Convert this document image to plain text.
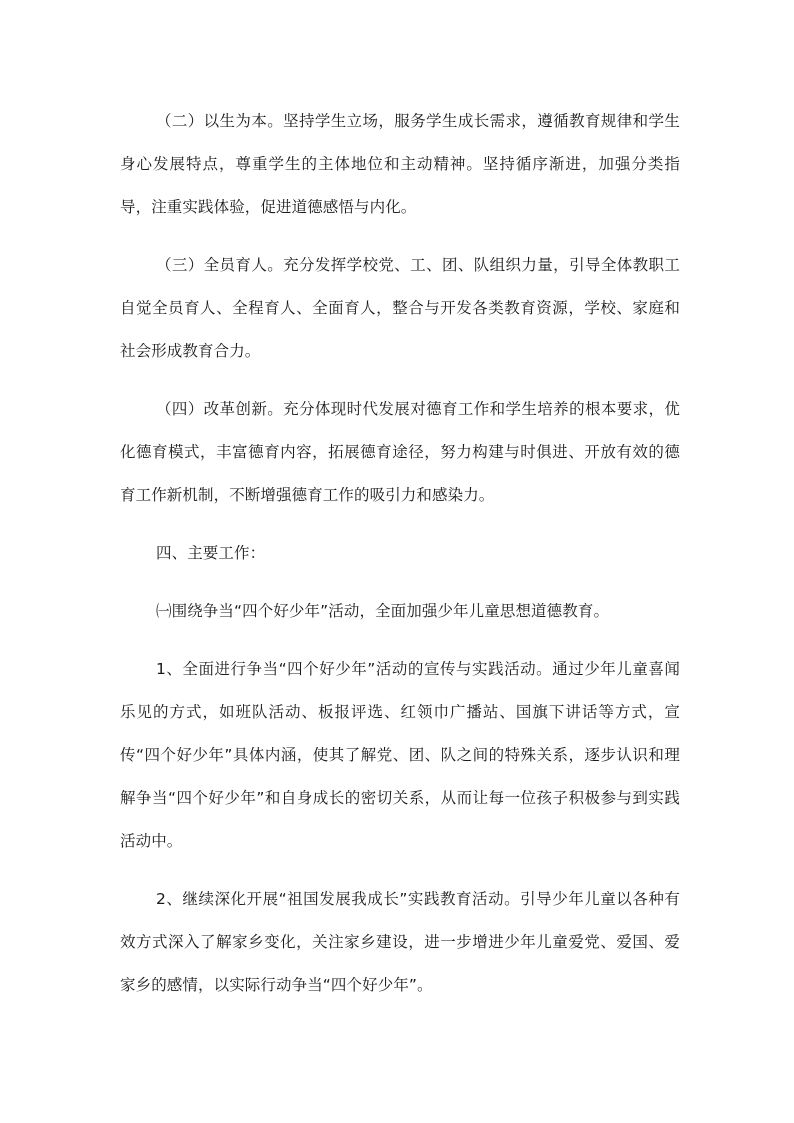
（二）以生为本。坚持学生立场，服务学生成长需求，遵循教育规律和学生身心发展特点，尊重学生的主体地位和主动精神。坚持循序渐进，加强分类指导，注重实践体验，促进道德感悟与内化。

（三）全员育人。充分发挥学校党、工、团、队组织力量，引导全体教职工自觉全员育人、全程育人、全面育人，整合与开发各类教育资源，学校、家庭和社会形成教育合力。

（四）改革创新。充分体现时代发展对德育工作和学生培养的根本要求，优化德育模式，丰富德育内容，拓展德育途径，努力构建与时俱进、开放有效的德育工作新机制，不断增强德育工作的吸引力和感染力。

四、主要工作：

㈠围绕争当“四个好少年”活动，全面加强少年儿童思想道德教育。

1、全面进行争当“四个好少年”活动的宣传与实践活动。通过少年儿童喜闻乐见的方式，如班队活动、板报评选、红领巾广播站、国旗下讲话等方式，宣传“四个好少年”具体内涵，使其了解党、团、队之间的特殊关系，逐步认识和理解争当“四个好少年”和自身成长的密切关系，从而让每一位孩子积极参与到实践活动中。

2、继续深化开展“祖国发展我成长”实践教育活动。引导少年儿童以各种有效方式深入了解家乡变化，关注家乡建设，进一步增进少年儿童爱党、爱国、爱家乡的感情，以实际行动争当“四个好少年”。
